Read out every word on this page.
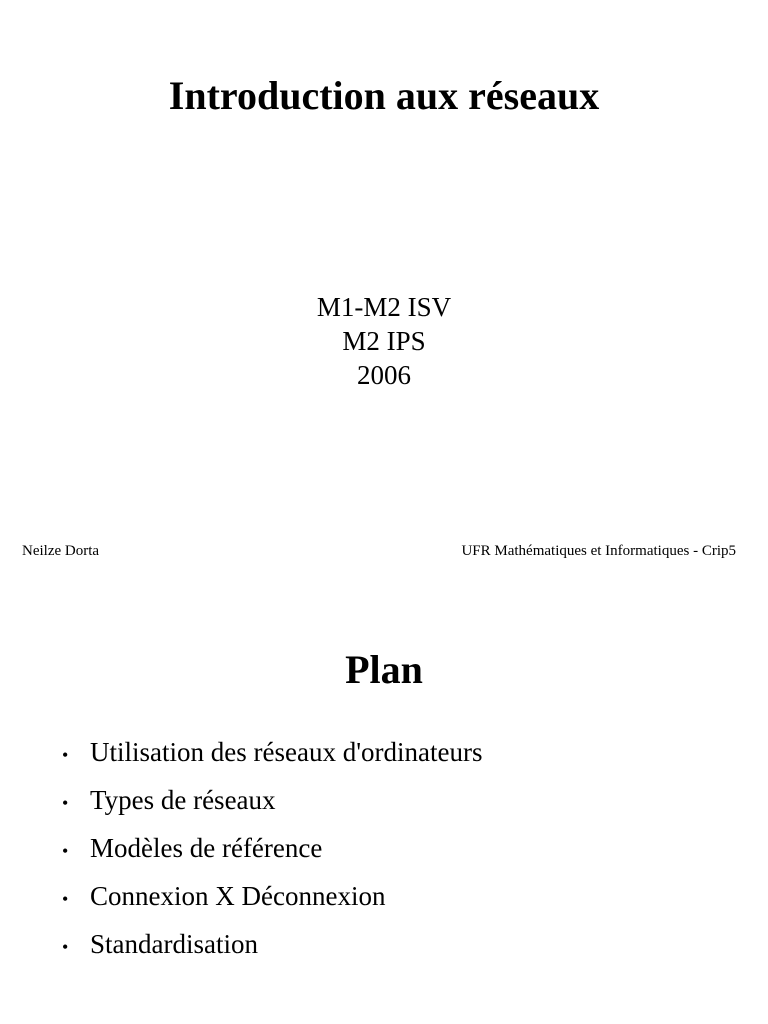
Introduction aux réseaux
M1-M2 ISV
M2 IPS
2006
Neilze Dorta	UFR Mathématiques et Informatiques - Crip5
Plan
• Utilisation des réseaux d'ordinateurs
• Types de réseaux
• Modèles de référence
• Connexion X Déconnexion
• Standardisation
